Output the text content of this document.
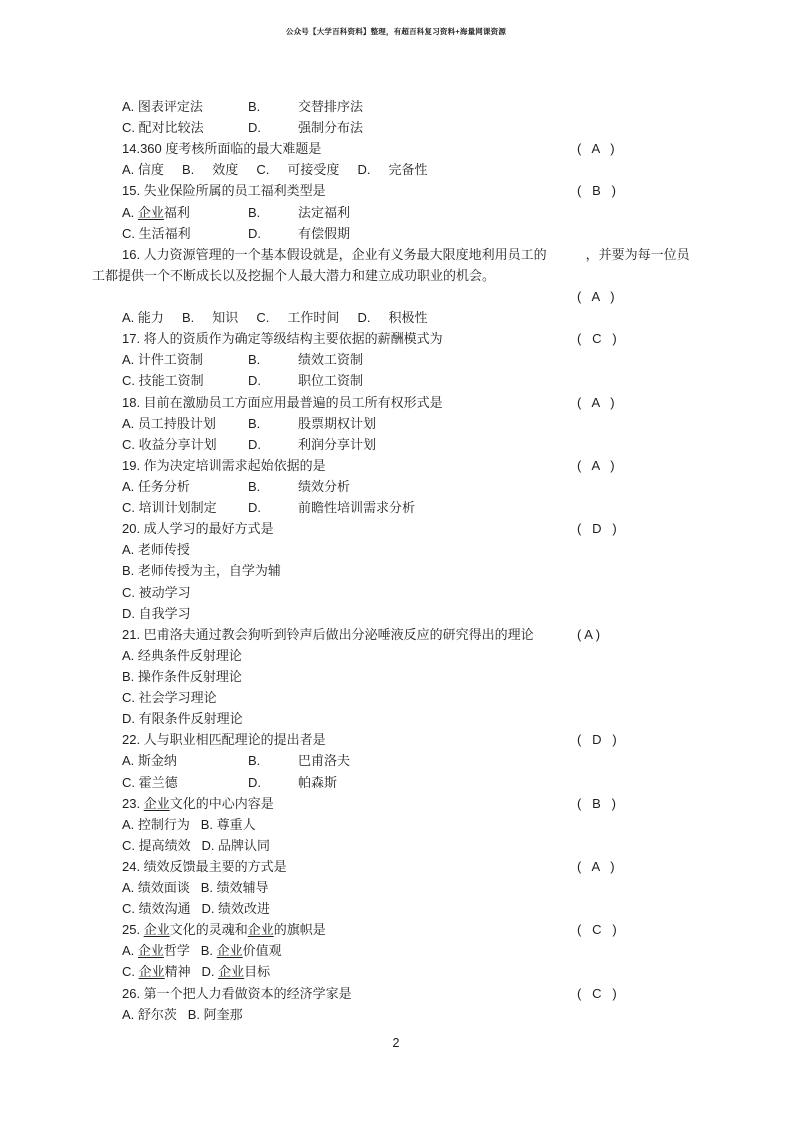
公众号【大学百科资料】整理，有超百科复习资料+海量网课资源
A. 图表评定法	B.	交替排序法
C. 配对比较法	D.	强制分布法
14.360 度考核所面临的最大难题是	(   A   )
A. 信度     B.     效度     C.     可接受度     D.     完备性
15. 失业保险所属的员工福利类型是	(   B   )
A. 企业福利	B.	法定福利
C. 生活福利	D.	有偿假期
16. 人力资源管理的一个基本假设就是，企业有义务最大限度地利用员工的　　　，并要为每一位员
工都提供一个不断成长以及挖掘个人最大潜力和建立成功职业的机会。
(   A   )
A. 能力     B.     知识     C.     工作时间     D.     积极性
17. 将人的资质作为确定等级结构主要依据的薪酬模式为	(   C   )
A. 计件工资制	B.	绩效工资制
C. 技能工资制	D.	职位工资制
18. 目前在激励员工方面应用最普遍的员工所有权形式是	(   A   )
A. 员工持股计划 B.	股票期权计划
C. 收益分享计划 D.	利润分享计划
19. 作为决定培训需求起始依据的是	(   A   )
A. 任务分析	B.	绩效分析
C. 培训计划制定 D.	前瞻性培训需求分析
20. 成人学习的最好方式是	(   D   )
A. 老师传授
B. 老师传授为主，自学为辅
C. 被动学习
D. 自我学习
21. 巴甫洛夫通过教会狗听到铃声后做出分泌唾液反应的研究得出的理论	( A )
A. 经典条件反射理论
B. 操作条件反射理论
C. 社会学习理论
D. 有限条件反射理论
22. 人与职业相匹配理论的提出者是	(   D   )
A. 斯金纳	B.	巴甫洛夫
C. 霍兰德	D.	帕森斯
23. 企业文化的中心内容是	(   B   )
A. 控制行为   B. 尊重人
C. 提高绩效   D. 品牌认同
24. 绩效反馈最主要的方式是	(   A   )
A. 绩效面谈   B. 绩效辅导
C. 绩效沟通   D. 绩效改进
25. 企业文化的灵魂和企业的旗帜是	(   C   )
A. 企业哲学   B. 企业价值观
C. 企业精神   D. 企业目标
26. 第一个把人力看做资本的经济学家是	(   C   )
A. 舒尔茨   B. 阿奎那
2
